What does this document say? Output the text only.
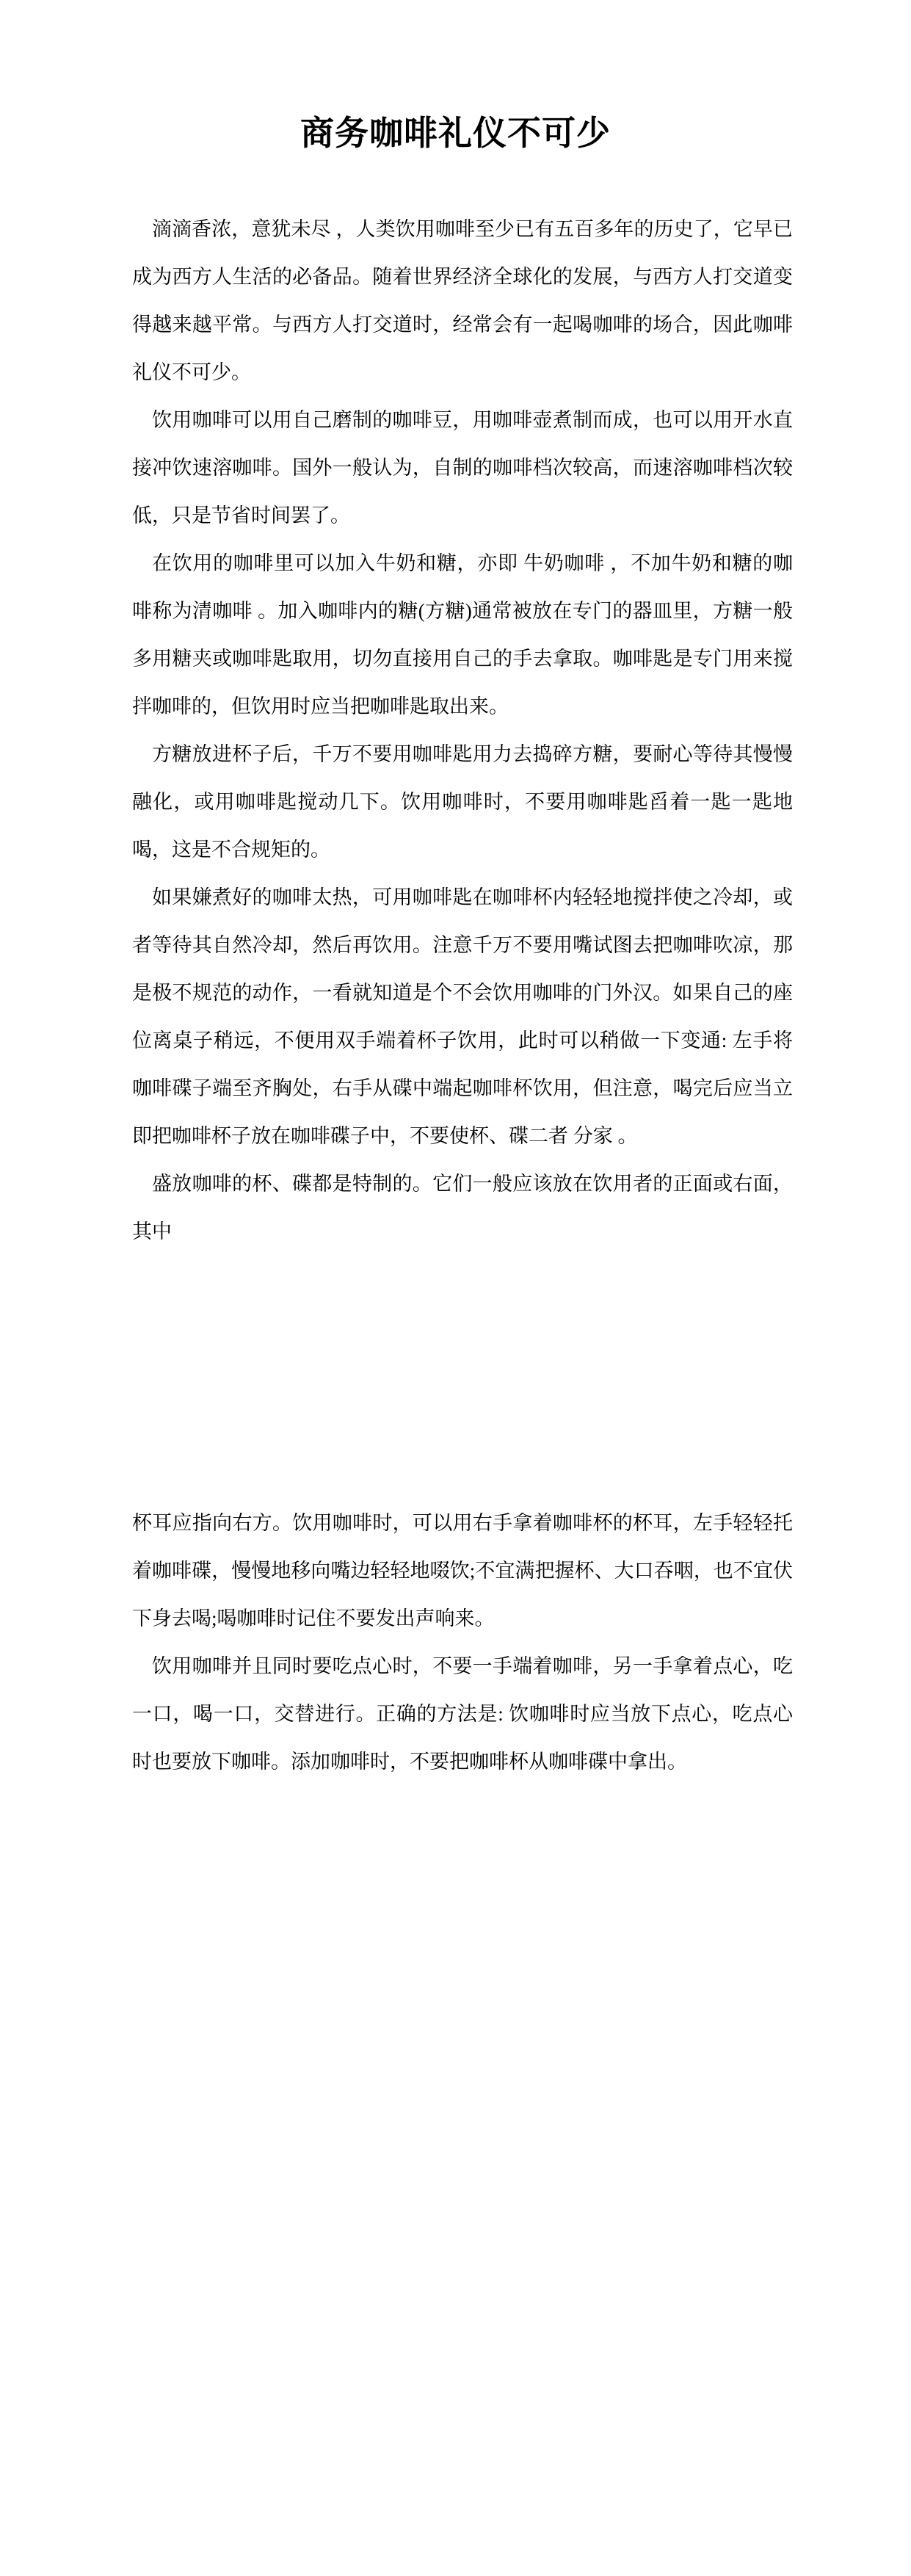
商务咖啡礼仪不可少

滴滴香浓，意犹未尽 ，人类饮用咖啡至少已有五百多年的历史了，它早已成为西方人生活的必备品。随着世界经济全球化的发展，与西方人打交道变得越来越平常。与西方人打交道时，经常会有一起喝咖啡的场合，因此咖啡礼仪不可少。

饮用咖啡可以用自己磨制的咖啡豆，用咖啡壶煮制而成，也可以用开水直接冲饮速溶咖啡。国外一般认为，自制的咖啡档次较高，而速溶咖啡档次较低，只是节省时间罢了。

在饮用的咖啡里可以加入牛奶和糖，亦即 牛奶咖啡 ，不加牛奶和糖的咖啡称为清咖啡 。加入咖啡内的糖(方糖)通常被放在专门的器皿里，方糖一般多用糖夹或咖啡匙取用，切勿直接用自己的手去拿取。咖啡匙是专门用来搅拌咖啡的，但饮用时应当把咖啡匙取出来。

方糖放进杯子后，千万不要用咖啡匙用力去捣碎方糖，要耐心等待其慢慢融化，或用咖啡匙搅动几下。饮用咖啡时，不要用咖啡匙舀着一匙一匙地喝，这是不合规矩的。

如果嫌煮好的咖啡太热，可用咖啡匙在咖啡杯内轻轻地搅拌使之冷却，或者等待其自然冷却，然后再饮用。注意千万不要用嘴试图去把咖啡吹凉，那是极不规范的动作，一看就知道是个不会饮用咖啡的门外汉。如果自己的座位离桌子稍远，不便用双手端着杯子饮用，此时可以稍做一下变通: 左手将咖啡碟子端至齐胸处，右手从碟中端起咖啡杯饮用，但注意，喝完后应当立即把咖啡杯子放在咖啡碟子中，不要使杯、碟二者 分家 。

盛放咖啡的杯、碟都是特制的。它们一般应该放在饮用者的正面或右面，其中

杯耳应指向右方。饮用咖啡时，可以用右手拿着咖啡杯的杯耳，左手轻轻托着咖啡碟，慢慢地移向嘴边轻轻地啜饮;不宜满把握杯、大口吞咽，也不宜伏下身去喝;喝咖啡时记住不要发出声响来。

饮用咖啡并且同时要吃点心时，不要一手端着咖啡，另一手拿着点心，吃一口，喝一口，交替进行。正确的方法是: 饮咖啡时应当放下点心，吃点心时也要放下咖啡。添加咖啡时，不要把咖啡杯从咖啡碟中拿出。
